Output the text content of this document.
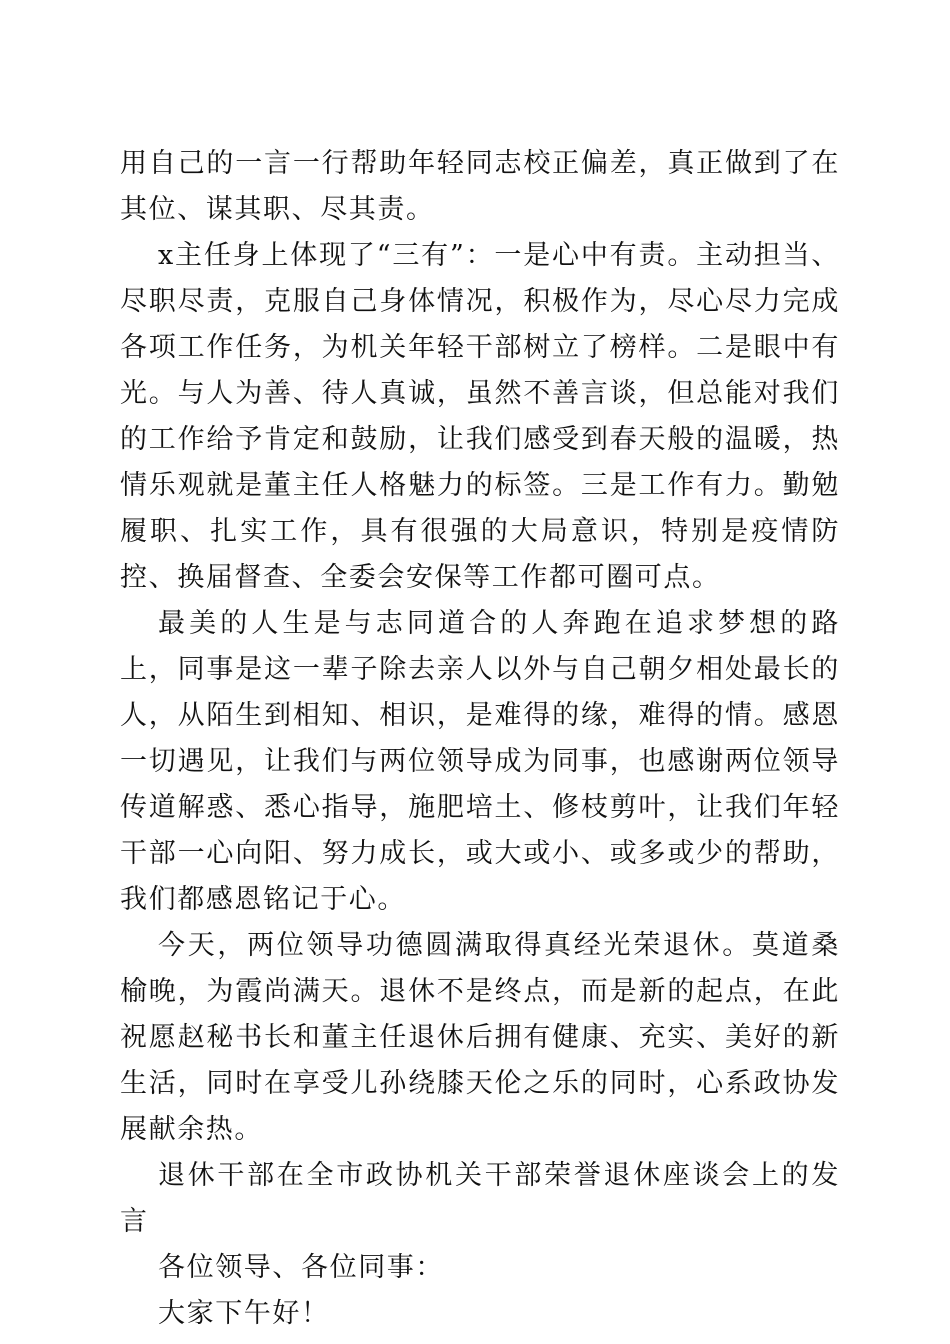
用自己的一言一行帮助年轻同志校正偏差，真正做到了在其位、谋其职、尽其责。

x主任身上体现了“三有”：一是心中有责。主动担当、尽职尽责，克服自己身体情况，积极作为，尽心尽力完成各项工作任务，为机关年轻干部树立了榜样。二是眼中有光。与人为善、待人真诚，虽然不善言谈，但总能对我们的工作给予肯定和鼓励，让我们感受到春天般的温暖，热情乐观就是董主任人格魅力的标签。三是工作有力。勤勉履职、扎实工作，具有很强的大局意识，特别是疫情防控、换届督查、全委会安保等工作都可圈可点。

最美的人生是与志同道合的人奔跑在追求梦想的路上，同事是这一辈子除去亲人以外与自己朝夕相处最长的人，从陌生到相知、相识，是难得的缘，难得的情。感恩一切遇见，让我们与两位领导成为同事，也感谢两位领导传道解惑、悉心指导，施肥培土、修枝剪叶，让我们年轻干部一心向阳、努力成长，或大或小、或多或少的帮助，我们都感恩铭记于心。

今天，两位领导功德圆满取得真经光荣退休。莫道桑榆晚，为霞尚满天。退休不是终点，而是新的起点，在此祝愿赵秘书长和董主任退休后拥有健康、充实、美好的新生活，同时在享受儿孙绕膝天伦之乐的同时，心系政协发展献余热。

退休干部在全市政协机关干部荣誉退休座谈会上的发言

各位领导、各位同事：

大家下午好！
